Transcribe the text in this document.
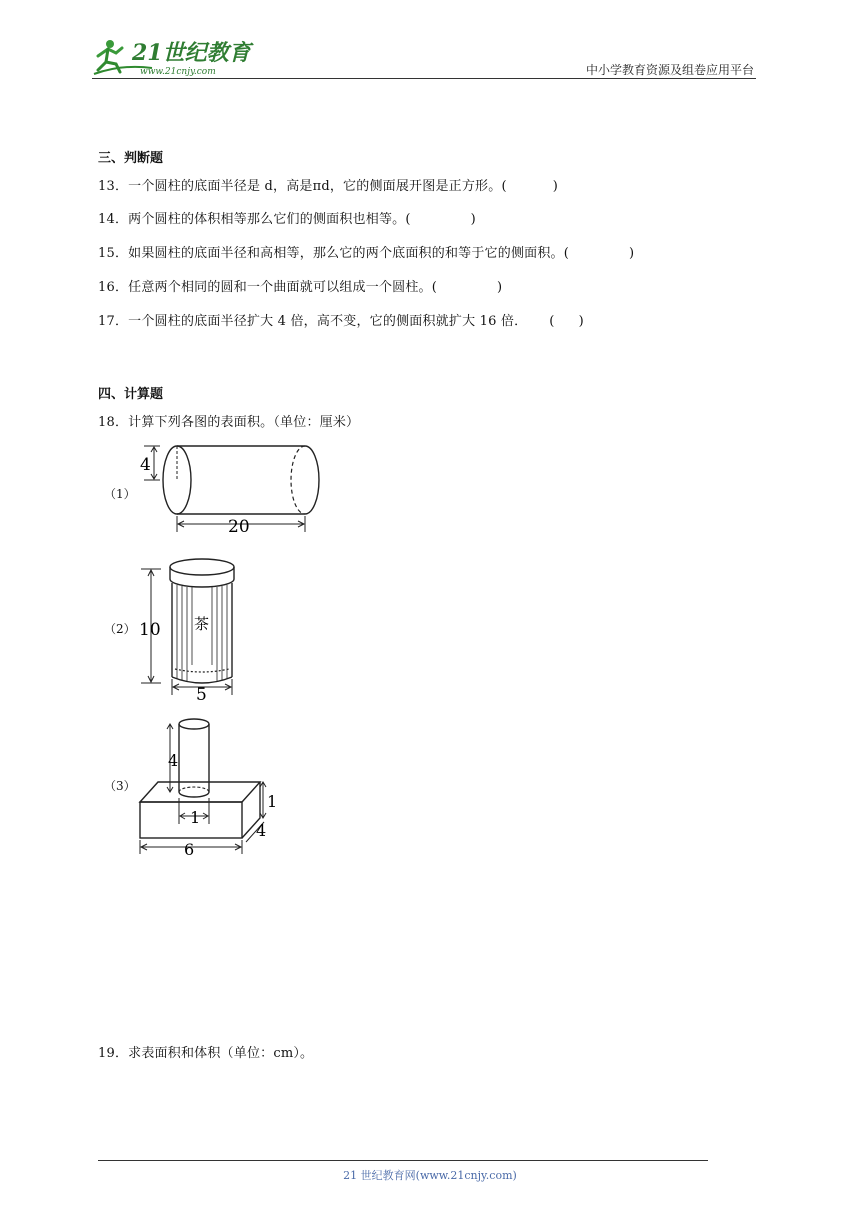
21世纪教育
www.21cnjy.com	中小学教育资源及组卷应用平台
三、判断题
13．一个圆柱的底面半径是 d，高是πd，它的侧面展开图是正方形。(	)
14．两个圆柱的体积相等那么它们的侧面积也相等。(	)
15．如果圆柱的底面半径和高相等，那么它的两个底面积的和等于它的侧面积。(	)
16．任意两个相同的圆和一个曲面就可以组成一个圆柱。(	)
17．一个圆柱的底面半径扩大 4 倍，高不变，它的侧面积就扩大 16 倍． ( )
四、计算题
18．计算下列各图的表面积。（单位：厘米）
（1）
4
20
（2） 10 茶
5
（3）
4
1
1
4
6
19．求表面积和体积（单位：cm）。
21 世纪教育网(www.21cnjy.com)
